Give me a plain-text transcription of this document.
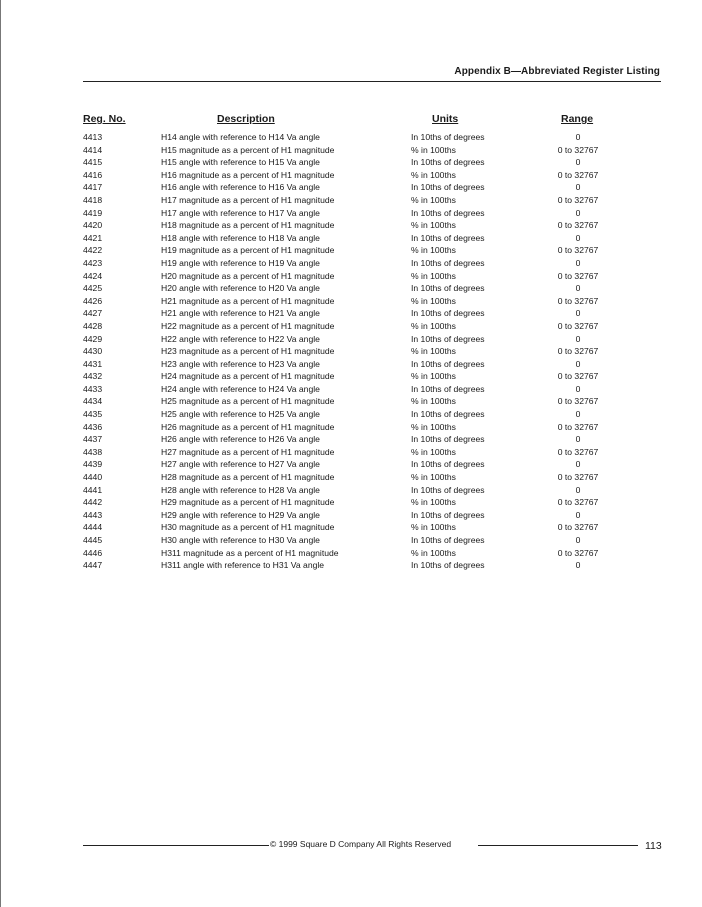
Appendix B—Abbreviated Register Listing
Reg. No.	Description	Units	Range
4413	H14 angle with reference to H14 Va angle	In 10ths of degrees	0
4414	H15 magnitude as a percent of H1 magnitude	% in 100ths	0 to 32767
4415	H15 angle with reference to H15 Va angle	In 10ths of degrees	0
4416	H16 magnitude as a percent of H1 magnitude	% in 100ths	0 to 32767
4417	H16 angle with reference to H16 Va angle	In 10ths of degrees	0
4418	H17 magnitude as a percent of H1 magnitude	% in 100ths	0 to 32767
4419	H17 angle with reference to H17 Va angle	In 10ths of degrees	0
4420	H18 magnitude as a percent of H1 magnitude	% in 100ths	0 to 32767
4421	H18 angle with reference to H18 Va angle	In 10ths of degrees	0
4422	H19 magnitude as a percent of H1 magnitude	% in 100ths	0 to 32767
4423	H19 angle with reference to H19 Va angle	In 10ths of degrees	0
4424	H20 magnitude as a percent of H1 magnitude	% in 100ths	0 to 32767
4425	H20 angle with reference to H20 Va angle	In 10ths of degrees	0
4426	H21 magnitude as a percent of H1 magnitude	% in 100ths	0 to 32767
4427	H21 angle with reference to H21 Va angle	In 10ths of degrees	0
4428	H22 magnitude as a percent of H1 magnitude	% in 100ths	0 to 32767
4429	H22 angle with reference to H22 Va angle	In 10ths of degrees	0
4430	H23 magnitude as a percent of H1 magnitude	% in 100ths	0 to 32767
4431	H23 angle with reference to H23 Va angle	In 10ths of degrees	0
4432	H24 magnitude as a percent of H1 magnitude	% in 100ths	0 to 32767
4433	H24 angle with reference to H24 Va angle	In 10ths of degrees	0
4434	H25 magnitude as a percent of H1 magnitude	% in 100ths	0 to 32767
4435	H25 angle with reference to H25 Va angle	In 10ths of degrees	0
4436	H26 magnitude as a percent of H1 magnitude	% in 100ths	0 to 32767
4437	H26 angle with reference to H26 Va angle	In 10ths of degrees	0
4438	H27 magnitude as a percent of H1 magnitude	% in 100ths	0 to 32767
4439	H27 angle with reference to H27 Va angle	In 10ths of degrees	0
4440	H28 magnitude as a percent of H1 magnitude	% in 100ths	0 to 32767
4441	H28 angle with reference to H28 Va angle	In 10ths of degrees	0
4442	H29 magnitude as a percent of H1 magnitude	% in 100ths	0 to 32767
4443	H29 angle with reference to H29 Va angle	In 10ths of degrees	0
4444	H30 magnitude as a percent of H1 magnitude	% in 100ths	0 to 32767
4445	H30 angle with reference to H30 Va angle	In 10ths of degrees	0
4446	H311 magnitude as a percent of H1 magnitude	% in 100ths	0 to 32767
4447	H311 angle with reference to H31 Va angle	In 10ths of degrees	0
© 1999 Square D Company All Rights Reserved	113
